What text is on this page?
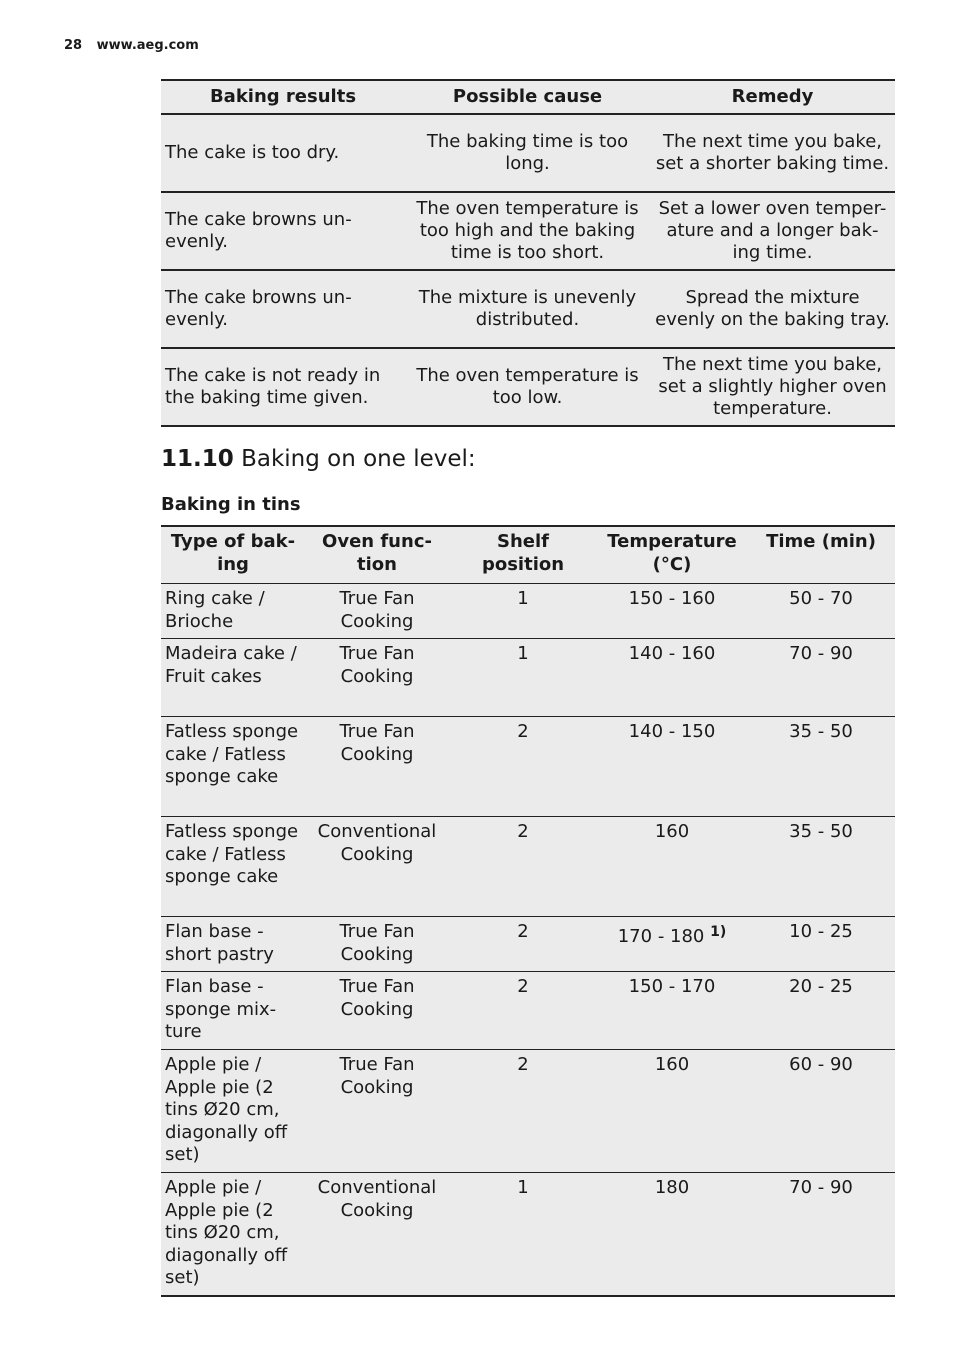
28 www.aeg.com
Baking results	Possible cause	Remedy
The cake is too dry.	The baking time is too long.	The next time you bake, set a shorter baking time.
The cake browns un-evenly.	The oven temperature is too high and the baking time is too short.	Set a lower oven temper-ature and a longer bak-ing time.
The cake browns un-evenly.	The mixture is unevenly distributed.	Spread the mixture evenly on the baking tray.
The cake is not ready in the baking time given.	The oven temperature is too low.	The next time you bake, set a slightly higher oven temperature.
11.10 Baking on one level:
Baking in tins
Type of bak-ing	Oven func-tion	Shelf position	Temperature (°C)	Time (min)
Ring cake / Brioche	True Fan Cooking	1	150 - 160	50 - 70
Madeira cake / Fruit cakes	True Fan Cooking	1	140 - 160	70 - 90
Fatless sponge cake / Fatless sponge cake	True Fan Cooking	2	140 - 150	35 - 50
Fatless sponge cake / Fatless sponge cake	Conventional Cooking	2	160	35 - 50
Flan base - short pastry	True Fan Cooking	2	170 - 180 $^{1)}$	10 - 25
Flan base - sponge mix-ture	True Fan Cooking	2	150 - 170	20 - 25
Apple pie / Apple pie (2 tins Ø20 cm, diagonally off set)	True Fan Cooking	2	160	60 - 90
Apple pie / Apple pie (2 tins Ø20 cm, diagonally off set)	Conventional Cooking	1	180	70 - 90
